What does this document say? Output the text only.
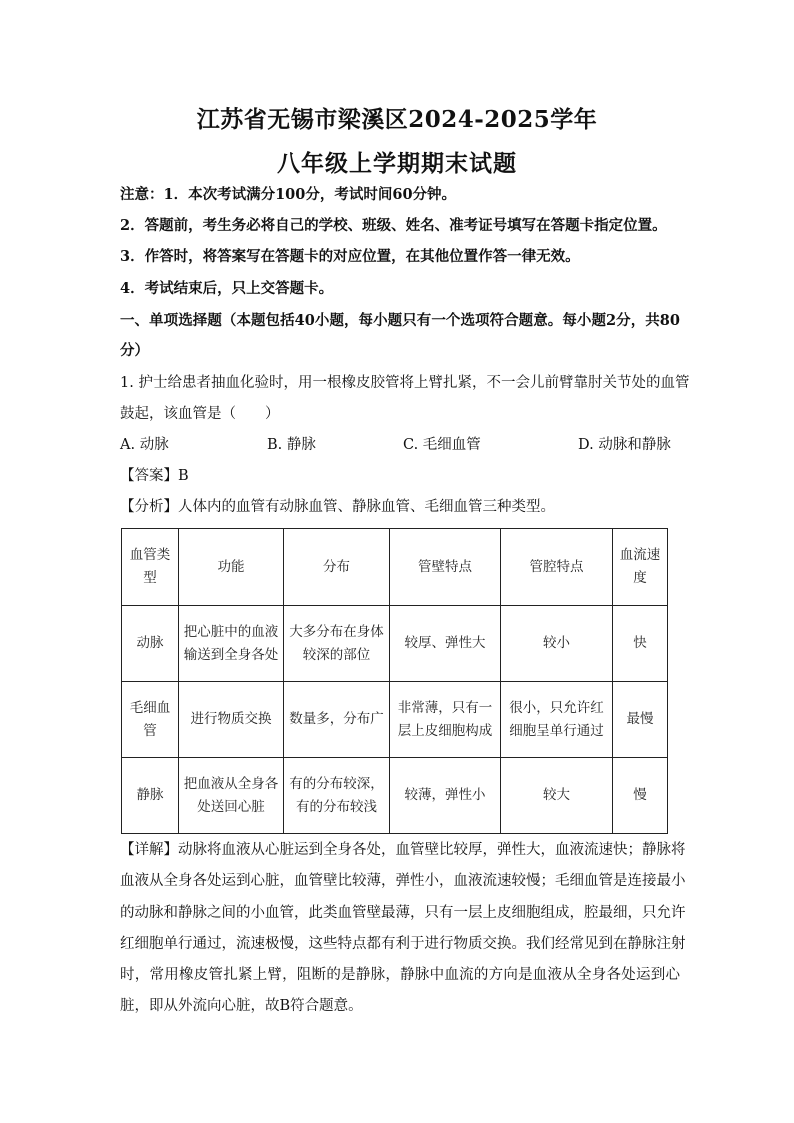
江苏省无锡市梁溪区2024-2025学年
八年级上学期期末试题
注意：1．本次考试满分100分，考试时间60分钟。
2．答题前，考生务必将自己的学校、班级、姓名、准考证号填写在答题卡指定位置。
3．作答时，将答案写在答题卡的对应位置，在其他位置作答一律无效。
4．考试结束后，只上交答题卡。
一、单项选择题（本题包括40小题，每小题只有一个选项符合题意。每小题2分，共80
分）
1. 护士给患者抽血化验时，用一根橡皮胶管将上臂扎紧，不一会儿前臂靠肘关节处的血管
鼓起，该血管是（　　）
A. 动脉	B. 静脉	C. 毛细血管	D. 动脉和静脉
【答案】B
【分析】人体内的血管有动脉血管、静脉血管、毛细血管三种类型。
血管类型	功能	分布	管壁特点	管腔特点	血流速度
动脉	把心脏中的血液输送到全身各处	大多分布在身体较深的部位	较厚、弹性大	较小	快
毛细血管	进行物质交换	数量多，分布广	非常薄，只有一层上皮细胞构成	很小，只允许红细胞呈单行通过	最慢
静脉	把血液从全身各处送回心脏	有的分布较深，有的分布较浅	较薄，弹性小	较大	慢
【详解】动脉将血液从心脏运到全身各处，血管壁比较厚，弹性大，血液流速快；静脉将
血液从全身各处运到心脏，血管壁比较薄，弹性小，血液流速较慢；毛细血管是连接最小
的动脉和静脉之间的小血管，此类血管壁最薄，只有一层上皮细胞组成，腔最细，只允许
红细胞单行通过，流速极慢，这些特点都有利于进行物质交换。我们经常见到在静脉注射
时，常用橡皮管扎紧上臂，阻断的是静脉，静脉中血流的方向是血液从全身各处运到心
脏，即从外流向心脏，故B符合题意。
